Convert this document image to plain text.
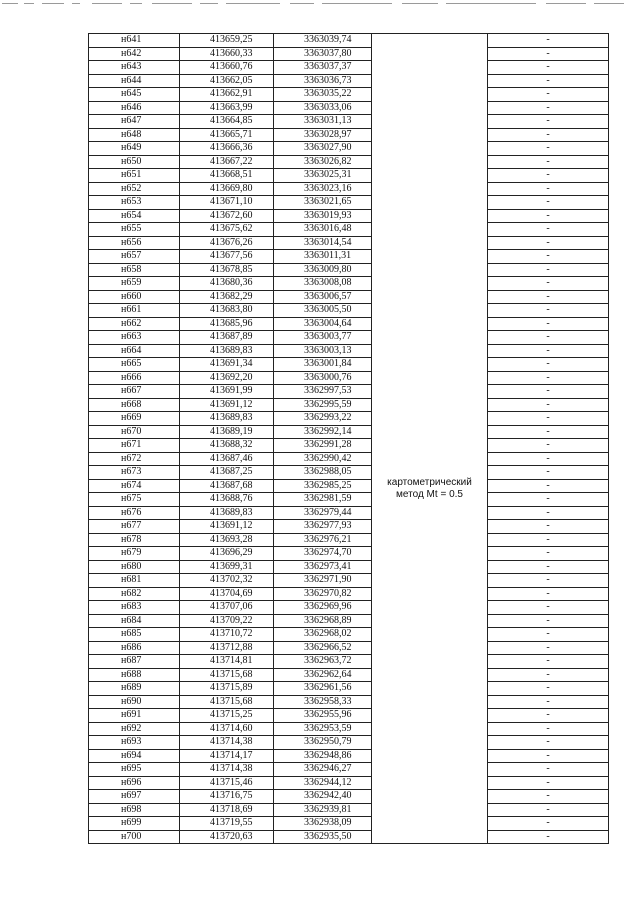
н641	413659,25	3363039,74	картометрический
метод Mt = 0.5	-
н642	413660,33	3363037,80		-
н643	413660,76	3363037,37		-
н644	413662,05	3363036,73		-
н645	413662,91	3363035,22		-
н646	413663,99	3363033,06		-
н647	413664,85	3363031,13		-
н648	413665,71	3363028,97		-
н649	413666,36	3363027,90		-
н650	413667,22	3363026,82		-
н651	413668,51	3363025,31		-
н652	413669,80	3363023,16		-
н653	413671,10	3363021,65		-
н654	413672,60	3363019,93		-
н655	413675,62	3363016,48		-
н656	413676,26	3363014,54		-
н657	413677,56	3363011,31		-
н658	413678,85	3363009,80		-
н659	413680,36	3363008,08		-
н660	413682,29	3363006,57		-
н661	413683,80	3363005,50		-
н662	413685,96	3363004,64		-
н663	413687,89	3363003,77		-
н664	413689,83	3363003,13		-
н665	413691,34	3363001,84		-
н666	413692,20	3363000,76		-
н667	413691,99	3362997,53		-
н668	413691,12	3362995,59		-
н669	413689,83	3362993,22		-
н670	413689,19	3362992,14		-
н671	413688,32	3362991,28		-
н672	413687,46	3362990,42		-
н673	413687,25	3362988,05		-
н674	413687,68	3362985,25		-
н675	413688,76	3362981,59		-
н676	413689,83	3362979,44		-
н677	413691,12	3362977,93		-
н678	413693,28	3362976,21		-
н679	413696,29	3362974,70		-
н680	413699,31	3362973,41		-
н681	413702,32	3362971,90		-
н682	413704,69	3362970,82		-
н683	413707,06	3362969,96		-
н684	413709,22	3362968,89		-
н685	413710,72	3362968,02		-
н686	413712,88	3362966,52		-
н687	413714,81	3362963,72		-
н688	413715,68	3362962,64		-
н689	413715,89	3362961,56		-
н690	413715,68	3362958,33		-
н691	413715,25	3362955,96		-
н692	413714,60	3362953,59		-
н693	413714,38	3362950,79		-
н694	413714,17	3362948,86		-
н695	413714,38	3362946,27		-
н696	413715,46	3362944,12		-
н697	413716,75	3362942,40		-
н698	413718,69	3362939,81		-
н699	413719,55	3362938,09		-
н700	413720,63	3362935,50		-
